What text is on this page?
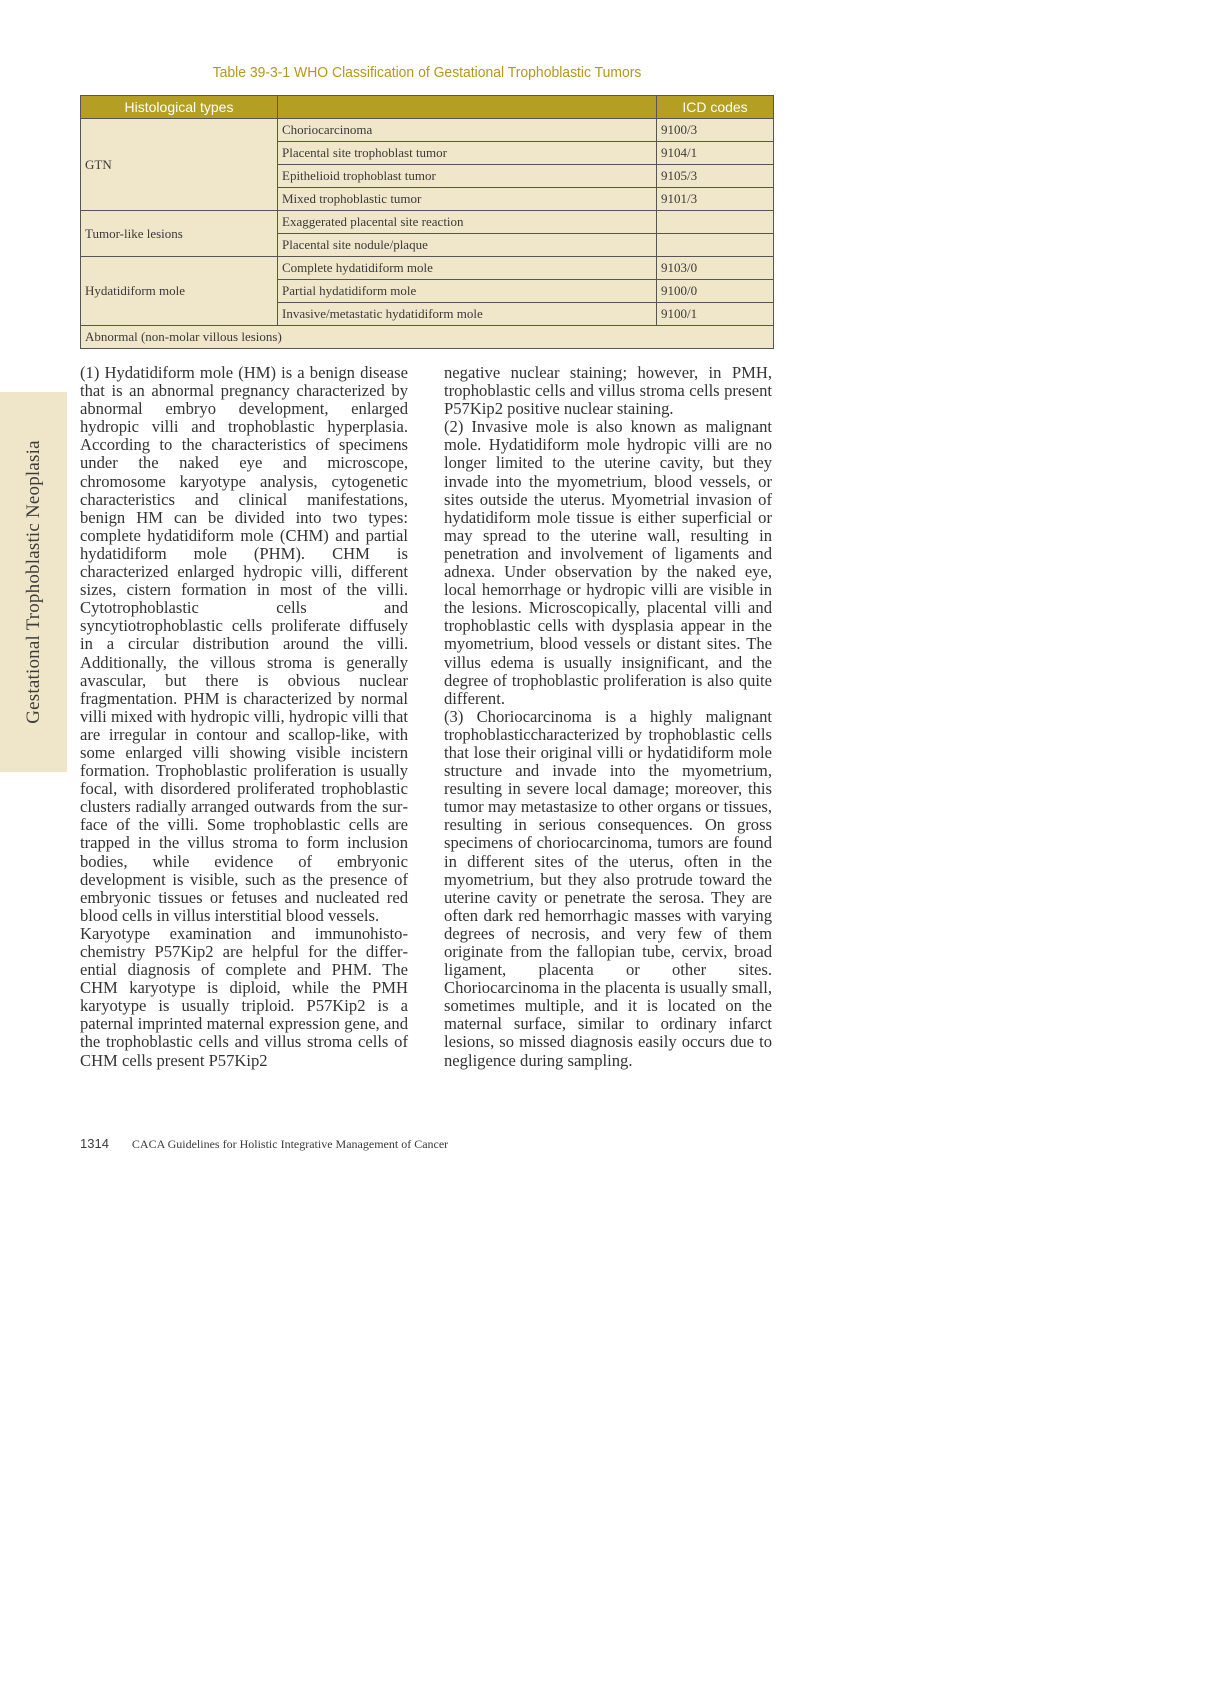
Gestational Trophoblastic Neoplasia
Table 39-3-1 WHO Classification of Gestational Trophoblastic Tumors
Histological types		ICD codes
GTN	Choriocarcinoma	9100/3
	Placental site trophoblast tumor	9104/1
	Epithelioid trophoblast tumor	9105/3
	Mixed trophoblastic tumor	9101/3
Tumor-like lesions	Exaggerated placental site reaction	
	Placental site nodule/plaque	
Hydatidiform mole	Complete hydatidiform mole	9103/0
	Partial hydatidiform mole	9100/0
	Invasive/metastatic hydatidiform mole	9100/1
Abnormal (non-molar villous lesions)		

(1) Hydatidiform mole (HM) is a benign disease that is an abnormal pregnancy characterized by abnormal embryo development, enlarged hydropic villi and trophoblastic hyperplasia. According to the characteristics of specimens under the naked eye and microscope, chromosome karyotype analysis, cytogenetic characteristics and clinical manifestations, benign HM can be divided into two types: complete hydatidiform mole (CHM) and partial hydatidiform mole (PHM). CHM is characterized enlarged hydropic villi, different sizes, cistern formation in most of the villi. Cytotrophoblastic cells and syncytiotrophoblastic cells proliferate diffusely in a circular distribution around the villi. Additionally, the villous stroma is generally avascular, but there is obvious nuclear fragmentation. PHM is characterized by normal villi mixed with hydropic villi, hydropic villi that are irregular in contour and scallop-like, with some enlarged villi showing visible incistern formation. Trophoblastic proliferation is usually focal, with disordered proliferated trophoblastic clusters radially arranged outwards from the surface of the villi. Some trophoblastic cells are trapped in the villus stroma to form inclusion bodies, while evidence of embryonic development is visible, such as the presence of embryonic tissues or fetuses and nucleated red blood cells in villus interstitial blood vessels.

Karyotype examination and immunohistochemistry P57Kip2 are helpful for the differential diagnosis of complete and PHM. The CHM karyotype is diploid, while the PMH karyotype is usually triploid. P57Kip2 is a paternal imprinted maternal expression gene, and the trophoblastic cells and villus stroma cells of CHM cells present P57Kip2

negative nuclear staining; however, in PMH, trophoblastic cells and villus stroma cells present P57Kip2 positive nuclear staining.

(2) Invasive mole is also known as malignant mole. Hydatidiform mole hydropic villi are no longer limited to the uterine cavity, but they invade into the myometrium, blood vessels, or sites outside the uterus. Myometrial invasion of hydatidiform mole tissue is either superficial or may spread to the uterine wall, resulting in penetration and involvement of ligaments and adnexa. Under observation by the naked eye, local hemorrhage or hydropic villi are visible in the lesions. Microscopically, placental villi and trophoblastic cells with dysplasia appear in the myometrium, blood vessels or distant sites. The villus edema is usually insignificant, and the degree of trophoblastic proliferation is also quite different.

(3) Choriocarcinoma is a highly malignant trophoblasticcharacterized by trophoblastic cells that lose their original villi or hydatidiform mole structure and invade into the myometrium, resulting in severe local damage; moreover, this tumor may metastasize to other organs or tissues, resulting in serious consequences. On gross specimens of choriocarcinoma, tumors are found in different sites of the uterus, often in the myometrium, but they also protrude toward the uterine cavity or penetrate the serosa. They are often dark red hemorrhagic masses with varying degrees of necrosis, and very few of them originate from the fallopian tube, cervix, broad ligament, placenta or other sites. Choriocarcinoma in the placenta is usually small, sometimes multiple, and it is located on the maternal surface, similar to ordinary infarct lesions, so missed diagnosis easily occurs due to negligence during sampling.

1314 CACA Guidelines for Holistic Integrative Management of Cancer
